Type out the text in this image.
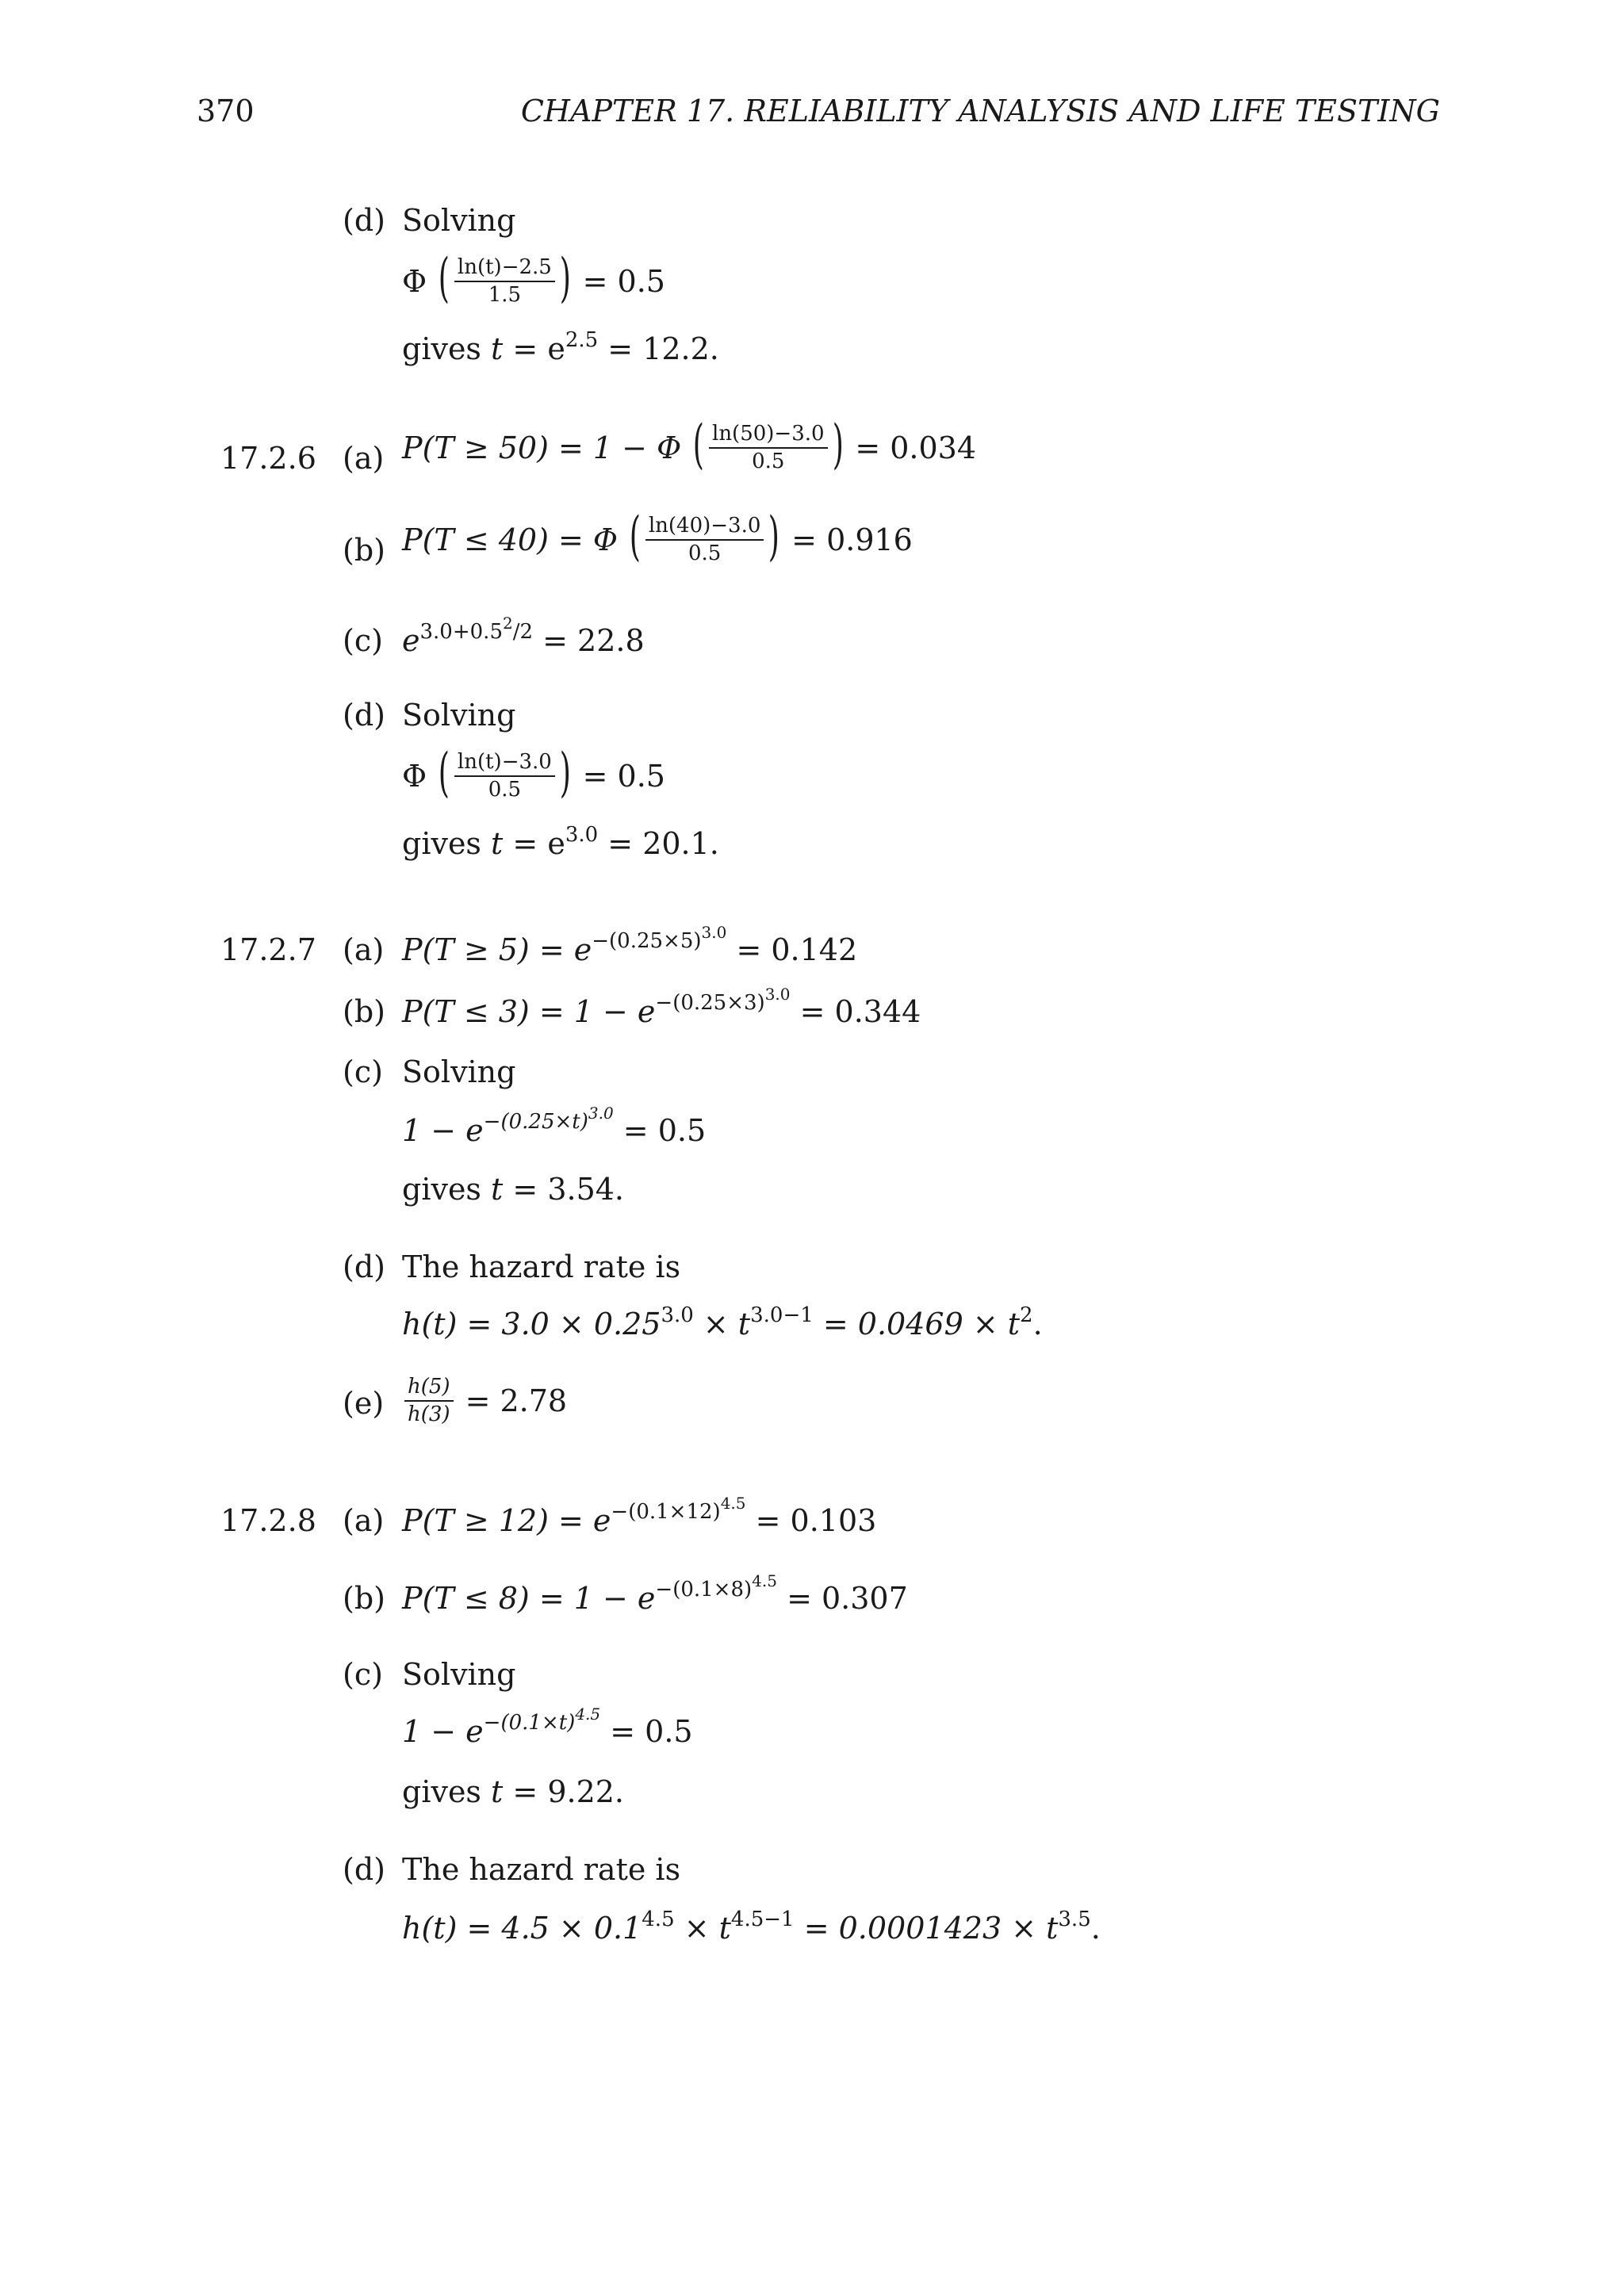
370	CHAPTER 17. RELIABILITY ANALYSIS AND LIFE TESTING
(d) Solving
Φ ( $\frac{\ln(t)-2.5}{1.5}$ ) = 0.5
gives $t = e^{2.5} = 12.2$.
17.2.6 (a) P(T ≥ 50) = 1 − Φ ( $\frac{\ln(50)-3.0}{0.5}$ ) = 0.034
(b) P(T ≤ 40) = Φ ( $\frac{\ln(40)-3.0}{0.5}$ ) = 0.916
(c) $e^{3.0+0.5^2/2} = 22.8$
(d) Solving
Φ ( $\frac{\ln(t)-3.0}{0.5}$ ) = 0.5
gives $t = e^{3.0} = 20.1$.
17.2.7 (a) $P(T \ge 5) = e^{-(0.25\times 5)^{3.0}} = 0.142$
(b) $P(T \le 3) = 1 - e^{-(0.25\times 3)^{3.0}} = 0.344$
(c) Solving
$1 - e^{-(0.25\times t)^{3.0}} = 0.5$
gives t = 3.54.
(d) The hazard rate is
$h(t) = 3.0 \times 0.25^{3.0} \times t^{3.0-1} = 0.0469 \times t^2$.
$(e) \frac{h(5)}{h(3)} = 2.78$
17.2.8 (a) $P(T \ge 12) = e^{-(0.1\times 12)^{4.5}} = 0.103$
(b) $P(T \le 8) = 1 - e^{-(0.1\times 8)^{4.5}} = 0.307$
(c) Solving
$1 - e^{-(0.1\times t)^{4.5}} = 0.5$
gives t = 9.22.
(d) The hazard rate is
$h(t) = 4.5 \times 0.1^{4.5} \times t^{4.5-1} = 0.0001423 \times t^{3.5}$.
